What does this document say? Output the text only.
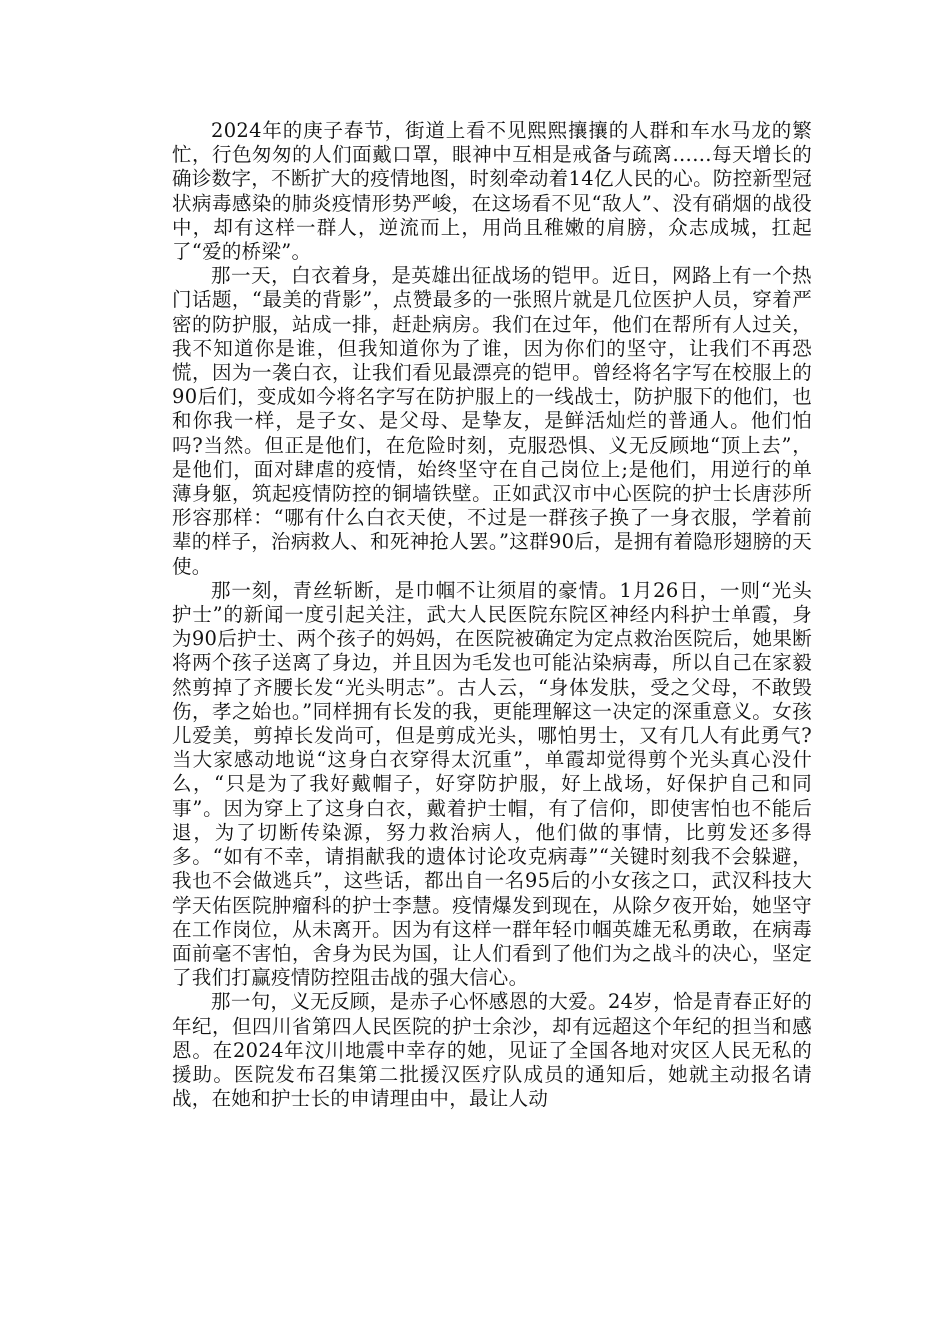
2024年的庚子春节，街道上看不见熙熙攘攘的人群和车水马龙的繁忙，行色匆匆的人们面戴口罩，眼神中互相是戒备与疏离……每天增长的确诊数字，不断扩大的疫情地图，时刻牵动着14亿人民的心。防控新型冠状病毒感染的肺炎疫情形势严峻，在这场看不见“敌人”、没有硝烟的战役中，却有这样一群人，逆流而上，用尚且稚嫩的肩膀，众志成城，扛起了“爱的桥梁”。

那一天，白衣着身，是英雄出征战场的铠甲。近日，网路上有一个热门话题，“最美的背影”，点赞最多的一张照片就是几位医护人员，穿着严密的防护服，站成一排，赶赴病房。我们在过年，他们在帮所有人过关，我不知道你是谁，但我知道你为了谁，因为你们的坚守，让我们不再恐慌，因为一袭白衣，让我们看见最漂亮的铠甲。曾经将名字写在校服上的90后们，变成如今将名字写在防护服上的一线战士，防护服下的他们，也和你我一样，是子女、是父母、是挚友，是鲜活灿烂的普通人。他们怕吗?当然。但正是他们，在危险时刻，克服恐惧、义无反顾地“顶上去”，是他们，面对肆虐的疫情，始终坚守在自己岗位上;是他们，用逆行的单薄身躯，筑起疫情防控的铜墙铁壁。正如武汉市中心医院的护士长唐莎所形容那样：“哪有什么白衣天使，不过是一群孩子换了一身衣服，学着前辈的样子，治病救人、和死神抢人罢。”这群90后，是拥有着隐形翅膀的天使。

那一刻，青丝斩断，是巾帼不让须眉的豪情。1月26日，一则“光头护士”的新闻一度引起关注，武大人民医院东院区神经内科护士单霞，身为90后护士、两个孩子的妈妈，在医院被确定为定点救治医院后，她果断将两个孩子送离了身边，并且因为毛发也可能沾染病毒，所以自己在家毅然剪掉了齐腰长发“光头明志”。古人云，“身体发肤，受之父母，不敢毁伤，孝之始也。”同样拥有长发的我，更能理解这一决定的深重意义。女孩儿爱美，剪掉长发尚可，但是剪成光头，哪怕男士，又有几人有此勇气?当大家感动地说“这身白衣穿得太沉重”，单霞却觉得剪个光头真心没什么，“只是为了我好戴帽子，好穿防护服，好上战场，好保护自己和同事”。因为穿上了这身白衣，戴着护士帽，有了信仰，即使害怕也不能后退，为了切断传染源，努力救治病人，他们做的事情，比剪发还多得多。“如有不幸，请捐献我的遗体讨论攻克病毒”“关键时刻我不会躲避，我也不会做逃兵”，这些话，都出自一名95后的小女孩之口，武汉科技大学天佑医院肿瘤科的护士李慧。疫情爆发到现在，从除夕夜开始，她坚守在工作岗位，从未离开。因为有这样一群年轻巾帼英雄无私勇敢，在病毒面前毫不害怕，舍身为民为国，让人们看到了他们为之战斗的决心，坚定了我们打赢疫情防控阻击战的强大信心。

那一句，义无反顾，是赤子心怀感恩的大爱。24岁，恰是青春正好的年纪，但四川省第四人民医院的护士余沙，却有远超这个年纪的担当和感恩。在2024年汶川地震中幸存的她，见证了全国各地对灾区人民无私的援助。医院发布召集第二批援汉医疗队成员的通知后，她就主动报名请战，在她和护士长的申请理由中，最让人动
